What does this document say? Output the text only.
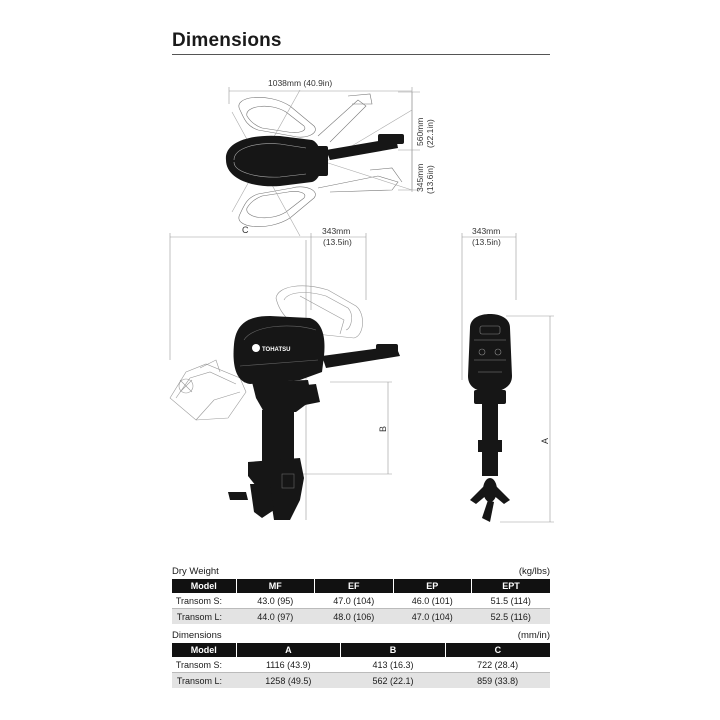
Dimensions
1038mm (40.9in)
560mm (22.1in)
345mm (13.6in)
C	343mm
(13.5in)
B
TOHATSU
343mm
(13.5in)
A
Dry Weight	(kg/lbs)
Model	MF	EF	EP	EPT
Transom S:	43.0 (95)	47.0 (104)	46.0 (101)	51.5 (114)
Transom L:	44.0 (97)	48.0 (106)	47.0 (104)	52.5 (116)
Dimensions	(mm/in)
Model	A	B	C
Transom S:	1116 (43.9)	413 (16.3)	722 (28.4)
Transom L:	1258 (49.5)	562 (22.1)	859 (33.8)
